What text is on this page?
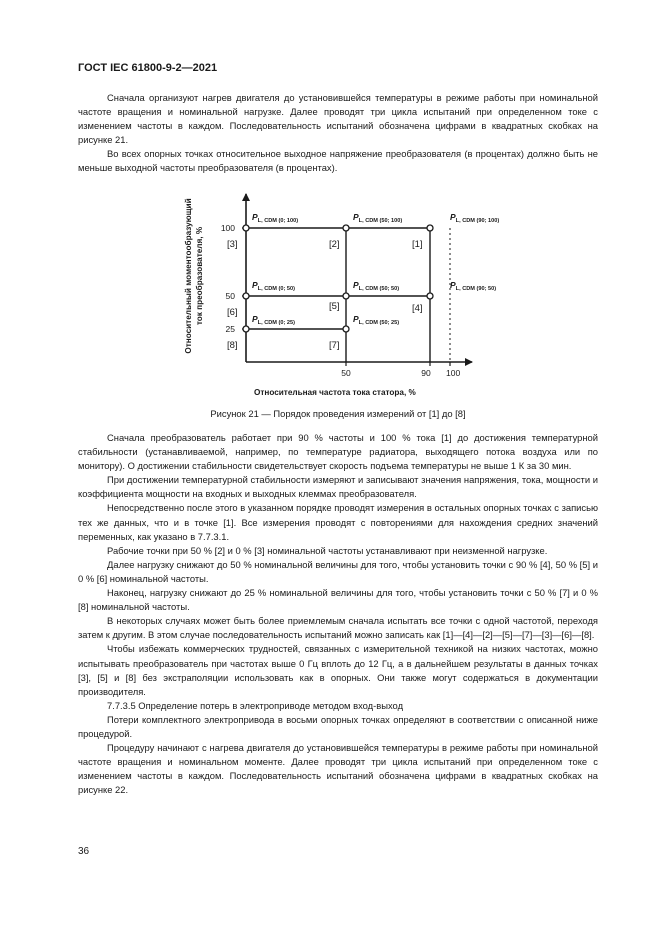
ГОСТ IEC 61800-9-2—2021

Сначала организуют нагрев двигателя до установившейся температуры в режиме работы при номинальной частоте вращения и номинальной нагрузке. Далее проводят три цикла испытаний при определенном токе с изменением частоты в каждом. Последовательность испытаний обозначена цифрами в квадратных скобках на рисунке 21.

Во всех опорных точках относительное выходное напряжение преобразователя (в процентах) должно быть не меньше выходной частоты преобразователя (в процентах).

PL, CDM (0; 100)	PL, CDM (50; 100)	PL, CDM (90; 100)
PL, CDM (0; 50)	PL, CDM (50; 50)	PL, CDM (90; 50)
PL, CDM (0; 25)	PL, CDM (50; 25)
[1]
[2]
[3]
[4]
[5]
[6]
[7]
[8]
100
50
25
50	90 100
Относительная частота тока статора, %
Относительный моментообразующий ток преобразователя, %
Рисунок 21 — Порядок проведения измерений от [1] до [8]

Сначала преобразователь работает при 90 % частоты и 100 % тока [1] до достижения температурной стабильности (устанавливаемой, например, по температуре радиатора, выходящего потока воздуха или по монитору). О достижении стабильности свидетельствует скорость подъема температуры не выше 1 К за 30 мин.

При достижении температурной стабильности измеряют и записывают значения напряжения, тока, мощности и коэффициента мощности на входных и выходных клеммах преобразователя.

Непосредственно после этого в указанном порядке проводят измерения в остальных опорных точках с записью тех же данных, что и в точке [1]. Все измерения проводят с повторениями для нахождения средних значений переменных, как указано в 7.7.3.1.

Рабочие точки при 50 % [2] и 0 % [3] номинальной частоты устанавливают при неизменной нагрузке.

Далее нагрузку снижают до 50 % номинальной величины для того, чтобы установить точки с 90 % [4], 50 % [5] и 0 % [6] номинальной частоты.

Наконец, нагрузку снижают до 25 % номинальной величины для того, чтобы установить точки с 50 % [7] и 0 % [8] номинальной частоты.

В некоторых случаях может быть более приемлемым сначала испытать все точки с одной частотой, переходя затем к другим. В этом случае последовательность испытаний можно записать как [1]—[4]—[2]—[5]—[7]—[3]—[6]—[8].

Чтобы избежать коммерческих трудностей, связанных с измерительной техникой на низких частотах, можно испытывать преобразователь при частотах выше 0 Гц вплоть до 12 Гц, а в дальнейшем результаты в данных точках [3], [5] и [8] без экстраполяции использовать как в опорных. Они также могут содержаться в документации производителя.

7.7.3.5 Определение потерь в электроприводе методом вход-выход

Потери комплектного электропривода в восьми опорных точках определяют в соответствии с описанной ниже процедурой.

Процедуру начинают с нагрева двигателя до установившейся температуры в режиме работы при номинальной частоте вращения и номинальном моменте. Далее проводят три цикла испытаний при определенном токе с изменением частоты в каждом. Последовательность испытаний обозначена цифрами в квадратных скобках на рисунке 22.

36
